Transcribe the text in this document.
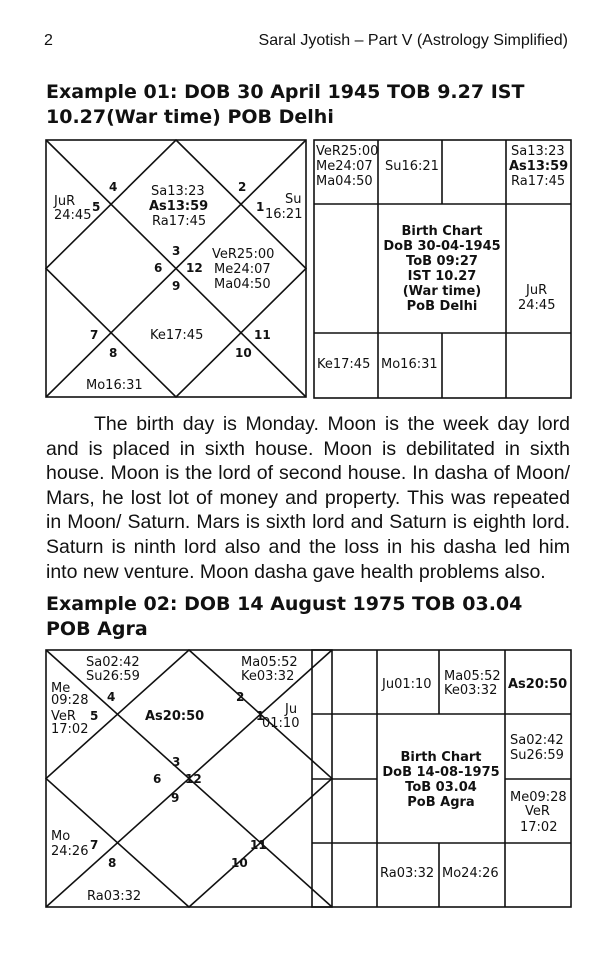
2	Saral Jyotish – Part V (Astrology Simplified)
Example 01: DOB 30 April 1945 TOB 9.27 IST 10.27(War time) POB Delhi
4
5
2
1
3
6 12
9
7
8
11
10
JuR
24:45
Sa13:23
As13:59
Ra17:45
Su
16:21
VeR25:00
Me24:07
Ma04:50
Ke17:45
Mo16:31
VeR25:00
Me24:07
Ma04:50
Su16:21
Sa13:23
As13:59
Ra17:45
JuR
24:45
Ke17:45 Mo16:31
Birth Chart
DoB 30-04-1945
ToB 09:27
IST 10.27
(War time)
PoB Delhi
The birth day is Monday. Moon is the week day lord and is placed in sixth house. Moon is debilitated in sixth house. Moon is the lord of second house. In dasha of Moon/ Mars, he lost lot of money and property. This was repeated in Moon/ Saturn. Mars is sixth lord and Saturn is eighth lord. Saturn is ninth lord also and the loss in his dasha led him into new venture. Moon dasha gave health problems also.
Example 02: DOB 14 August 1975 TOB 03.04 POB Agra
4
5
2
1
3
6 12
9
7
8
11
10
Sa02:42
Su26:59
Me
09:28
VeR
17:02
As20:50
Ma05:52
Ke03:32
Ju
01:10
Mo
24:26
Ra03:32
Ju01:10
Ma05:52
Ke03:32 As20:50
Sa02:42
Su26:59
Me09:28
VeR
17:02
Ra03:32 Mo24:26
Birth Chart
DoB 14-08-1975
ToB 03.04
PoB Agra
